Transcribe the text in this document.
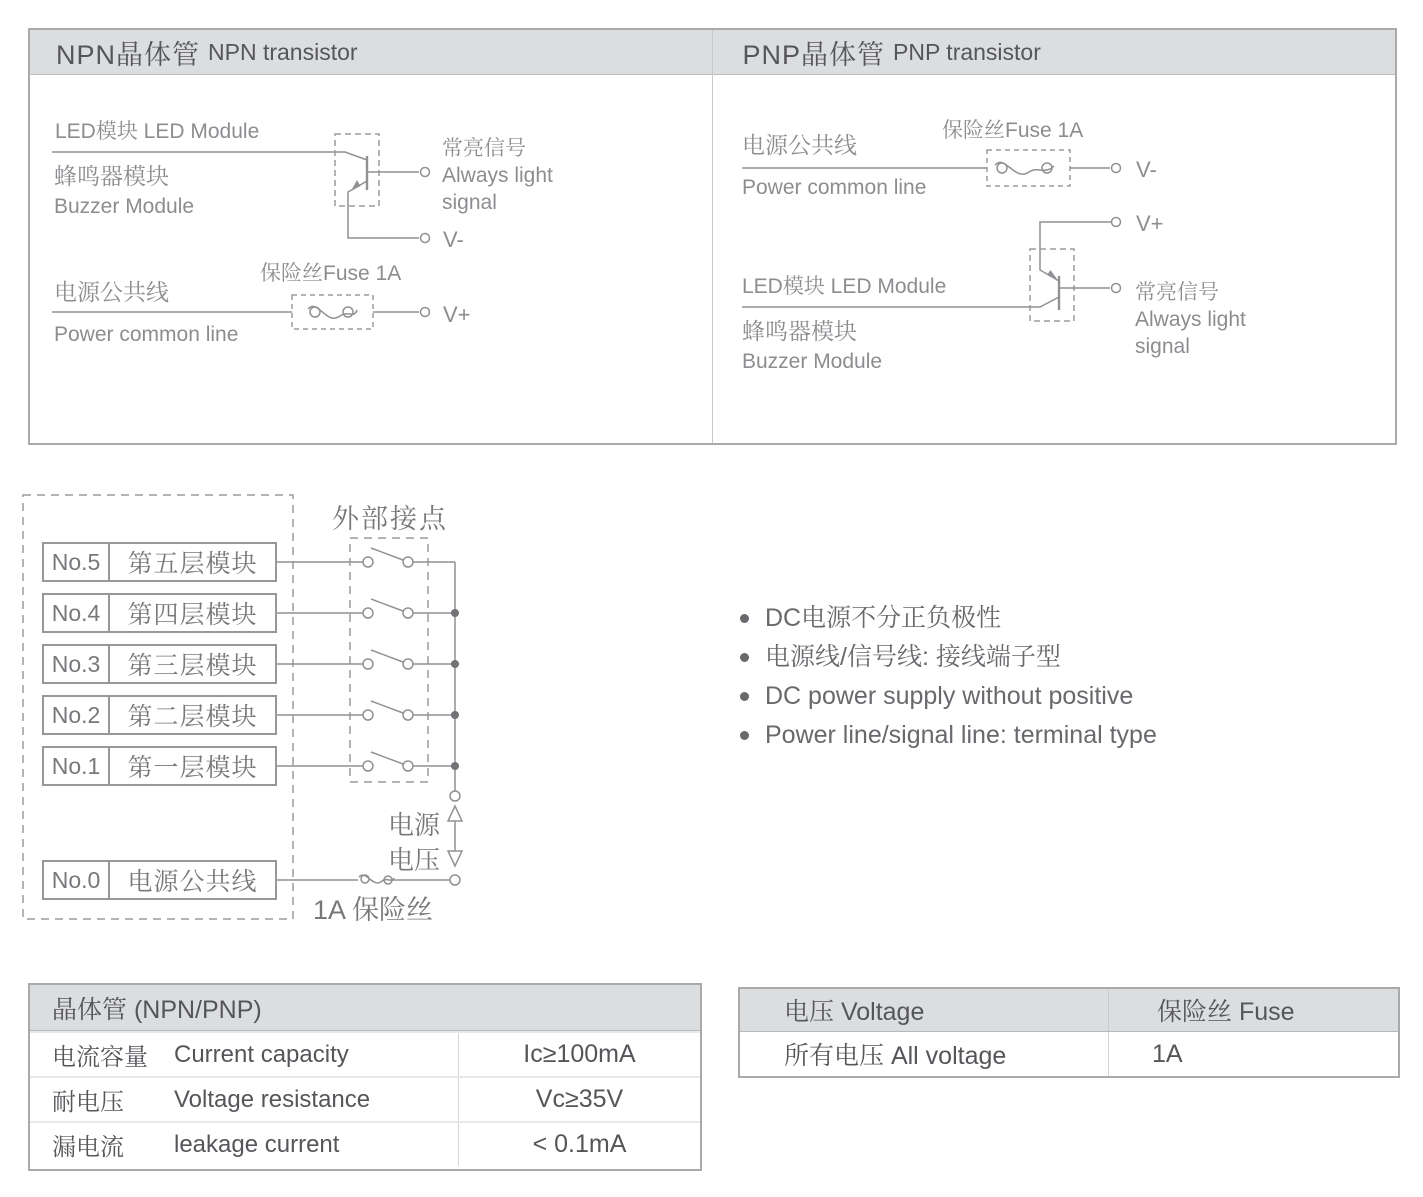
NPN晶体管 NPN transistor	PNP晶体管 PNP transistor
LED模块 LED Module
蜂鸣器模块
Buzzer Module
常亮信号
Always light
signal
V-
保险丝Fuse 1A
电源公共线
Power common line
V+
保险丝Fuse 1A
电源公共线
Power common line
V-
V+
LED模块 LED Module
蜂鸣器模块
Buzzer Module
常亮信号
Always light
signal
外部接点
No.5	第五层模块
No.4	第四层模块
No.3	第三层模块
No.2	第二层模块
No.1	第一层模块
No.0	电源公共线
电源
电压
1A 保险丝
DC电源不分正负极性
电源线/信号线: 接线端子型
DC power supply without positive
Power line/signal line: terminal type
晶体管 (NPN/PNP)
电流容量	Current capacity	Ic≥100mA
耐电压	Voltage resistance	Vc≥35V
漏电流	leakage current	< 0.1mA
电压 Voltage	保险丝 Fuse
所有电压 All voltage	1A
